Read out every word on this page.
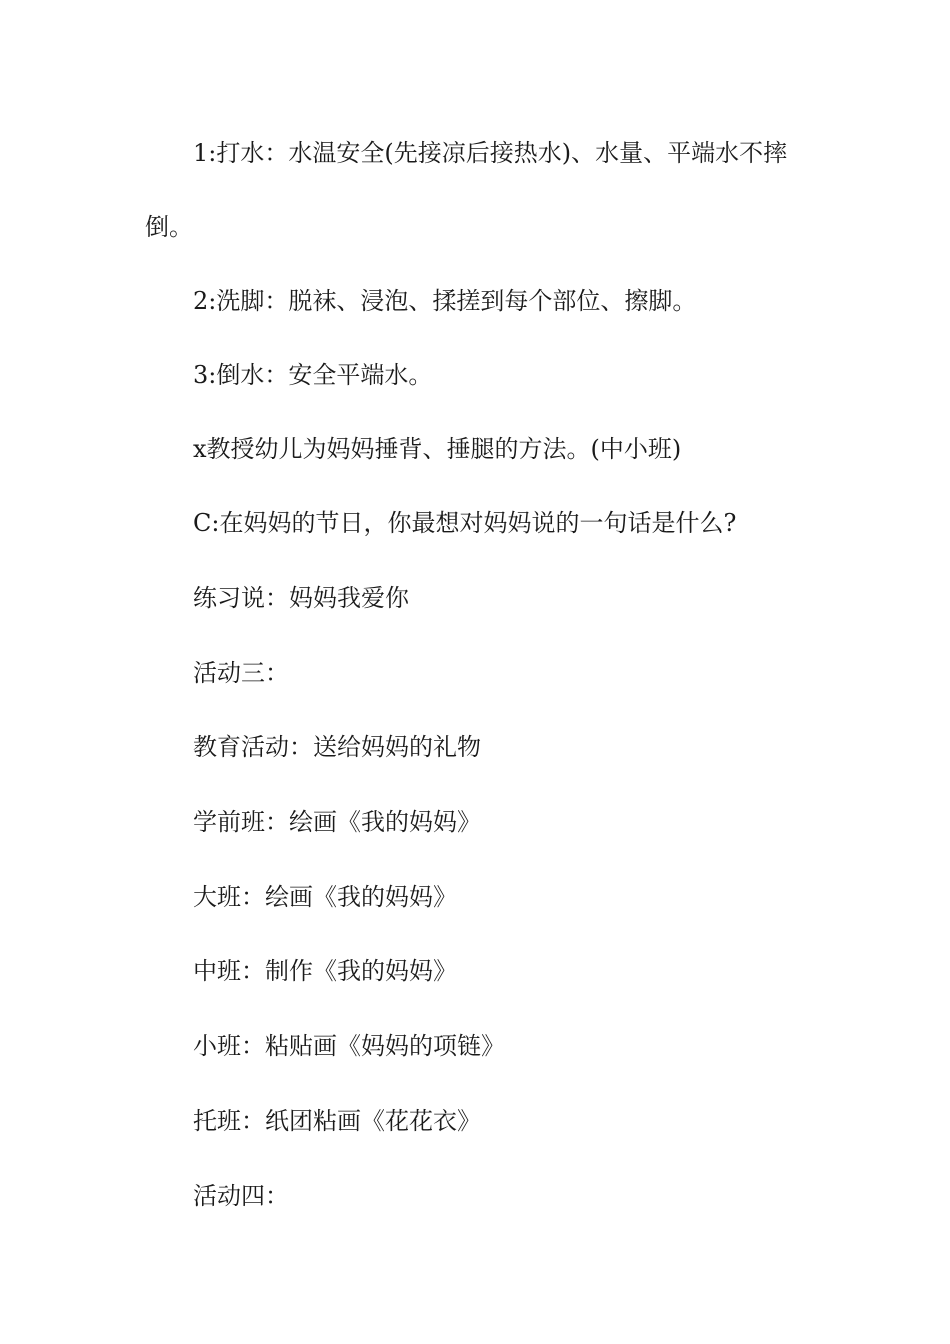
1:打水：水温安全(先接凉后接热水)、水量、平端水不摔倒。

2:洗脚：脱袜、浸泡、揉搓到每个部位、擦脚。

3:倒水：安全平端水。

x教授幼儿为妈妈捶背、捶腿的方法。(中小班)

C:在妈妈的节日，你最想对妈妈说的一句话是什么?

练习说：妈妈我爱你

活动三：

教育活动：送给妈妈的礼物

学前班：绘画《我的妈妈》

大班：绘画《我的妈妈》

中班：制作《我的妈妈》

小班：粘贴画《妈妈的项链》

托班：纸团粘画《花花衣》

活动四：
